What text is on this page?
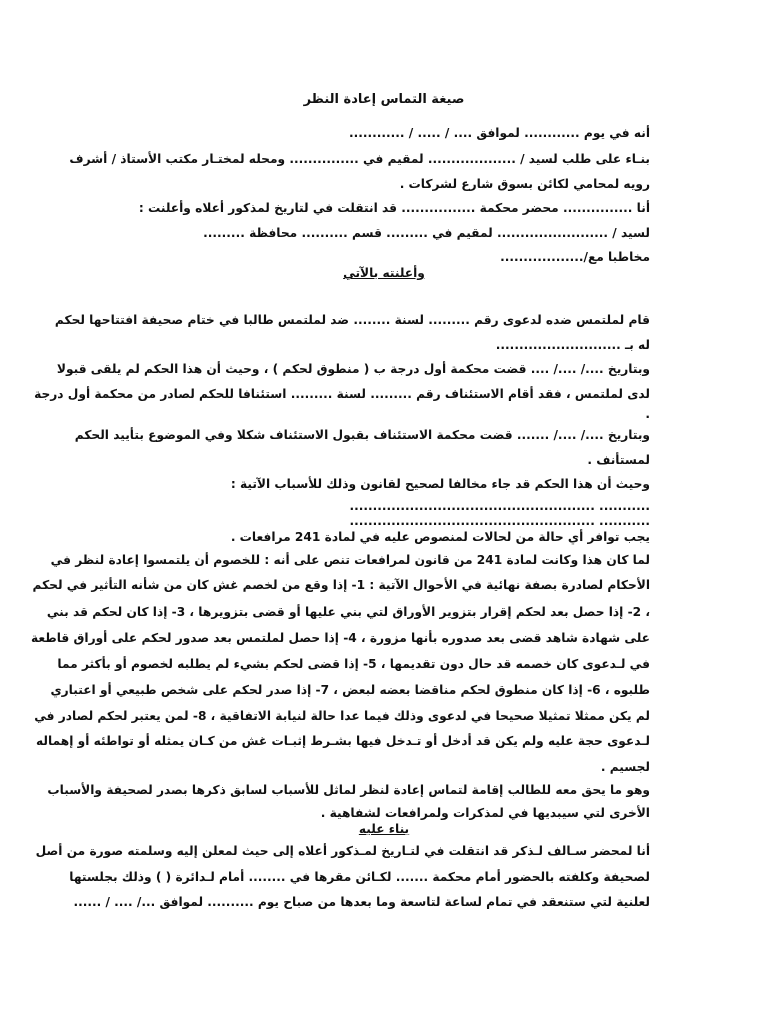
صيغة التماس إعادة النظر
أنه في يوم ............ لموافق .... / ..... / ............
بنـاء على طلب لسيد / ................... لمقيم في ............... ومحله لمختـار مكتب الأستاذ / أشرف
رويه لمحامي لكائن بسوق شارع لشركات .
أنا ............... محضر محكمة ................ قد انتقلت في لتاريخ لمذكور أعلاه وأعلنت :
لسيد / ........................ لمقيم في ......... قسم .......... محافظة .........
مخاطبا مع/..................
وأعلنته بالآتي
قام لملتمس ضده لدعوى رقم ......... لسنة ........ ضد لملتمس طالبا في ختام صحيفة افتتاحها لحكم
له بـ ...........................
وبتاريخ ..../ ..../ .... قضت محكمة أول درجة ب ( منطوق لحكم ) ، وحيث أن هذا الحكم لم يلقى قبولا
لدى لملتمس ، فقد أقام الاستئناف رقم ......... لسنة ......... استئنافا للحكم لصادر من محكمة أول درجة
.
وبتاريخ ..../ ..../ ....... قضت محكمة الاستئناف بقبول الاستئناف شكلا وفي الموضوع بتأييد الحكم
لمستأنف .
وحيث أن هذا الحكم قد جاء مخالفا لصحيح لقانون وذلك للأسباب الآتية :
........... .....................................................
........... .....................................................
يجب توافر أي حالة من لحالات لمنصوص عليه في لمادة 241 مرافعات .
لما كان هذا وكانت لمادة 241 من قانون لمرافعات تنص على أنه : للخصوم أن يلتمسوا إعادة لنظر في
الأحكام لصادرة بصفة نهائية في الأحوال الآتية : 1- إذا وقع من لخصم غش كان من شأنه التأثير في لحكم
، 2- إذا حصل بعد لحكم إقرار بتزوير الأوراق لتي بني عليها أو قضى بتزويرها ، 3- إذا كان لحكم قد بني
على شهادة شاهد قضى بعد صدوره بأنها مزورة ، 4- إذا حصل لملتمس بعد صدور لحكم على أوراق قاطعة
في لـدعوى كان خصمه قد حال دون تقديمها ، 5- إذا قضى لحكم بشيء لم يطلبه لخصوم أو بأكثر مما
طلبوه ، 6- إذا كان منطوق لحكم مناقضا بعضه لبعض ، 7- إذا صدر لحكم على شخص طبيعي أو اعتباري
لم يكن ممثلا تمثيلا صحيحا في لدعوى وذلك فيما عدا حالة لنيابة الاتفاقية ، 8- لمن يعتبر لحكم لصادر في
لـدعوى حجة عليه ولم يكن قد أدخل أو تـدخل فيها بشـرط إثبـات غش من كـان يمثله أو تواطئه أو إهماله
لجسيم .
وهو ما يحق معه للطالب إقامة لتماس إعادة لنظر لماثل للأسباب لسابق ذكرها بصدر لصحيفة والأسباب
الأخرى لتي سيبديها في لمذكرات ولمرافعات لشفاهية .
بناء عليه
أنا لمحضر سـالف لـذكر قد انتقلت في لتـاريخ لمـذكور أعلاه إلى حيث لمعلن إليه وسلمته صورة من أصل
لصحيفة وكلفته بالحضور أمام محكمة ....... لكـائن مقرها في ........ أمام لـدائرة ( ) وذلك بجلستها
لعلنية لتي ستنعقد في تمام لساعة لتاسعة وما بعدها من صباح يوم .......... لموافق .../ .... / ......
